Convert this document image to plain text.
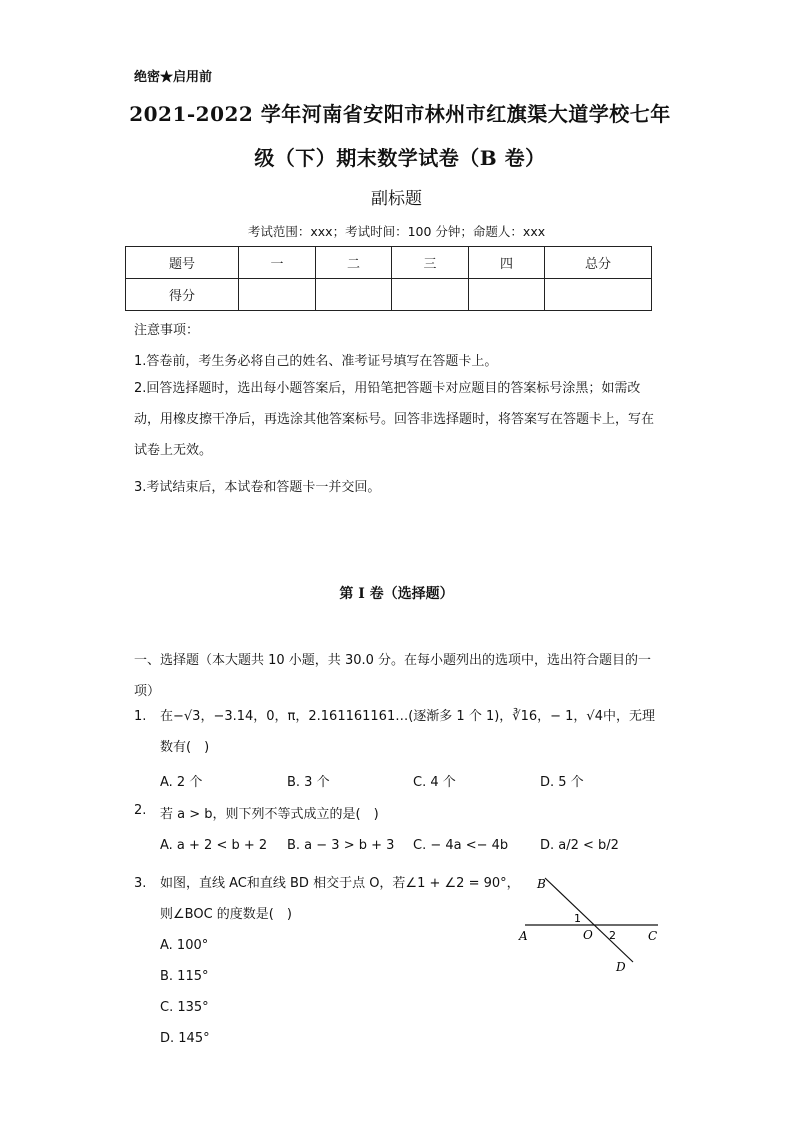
绝密★启用前
2021-2022 学年河南省安阳市林州市红旗渠大道学校七年
级（下）期末数学试卷（B 卷）
副标题
考试范围：xxx；考试时间：100 分钟；命题人：xxx
题号	一	二	三	四	总分
得分					
注意事项：
1.答卷前，考生务必将自己的姓名、准考证号填写在答题卡上。
2.回答选择题时，选出每小题答案后，用铅笔把答题卡对应题目的答案标号涂黑；如需改动，用橡皮擦干净后，再选涂其他答案标号。回答非选择题时，将答案写在答题卡上，写在试卷上无效。
3.考试结束后，本试卷和答题卡一并交回。
第 I 卷（选择题）
一、选择题（本大题共 10 小题，共 30.0 分。在每小题列出的选项中，选出符合题目的一项）
1. 在−√3，−3.14，0，π，2.161161161…(逐渐多 1 个 1)，∛16，− 1，√4中，无理数有(　)
A. 2 个	B. 3 个	C. 4 个	D. 5 个
2. 若 a > b，则下列不等式成立的是(　)
A. a + 2 < b + 2 B. a − 3 > b + 3 C. − 4a <− 4b D. a/2 < b/2
3. 如图，直线 AC和直线 BD 相交于点 O，若∠1 + ∠2 = 90°，则∠BOC 的度数是(　)
A. 100°
B. 115°
C. 135°
D. 145°
B
A	C
D
O
1
2
